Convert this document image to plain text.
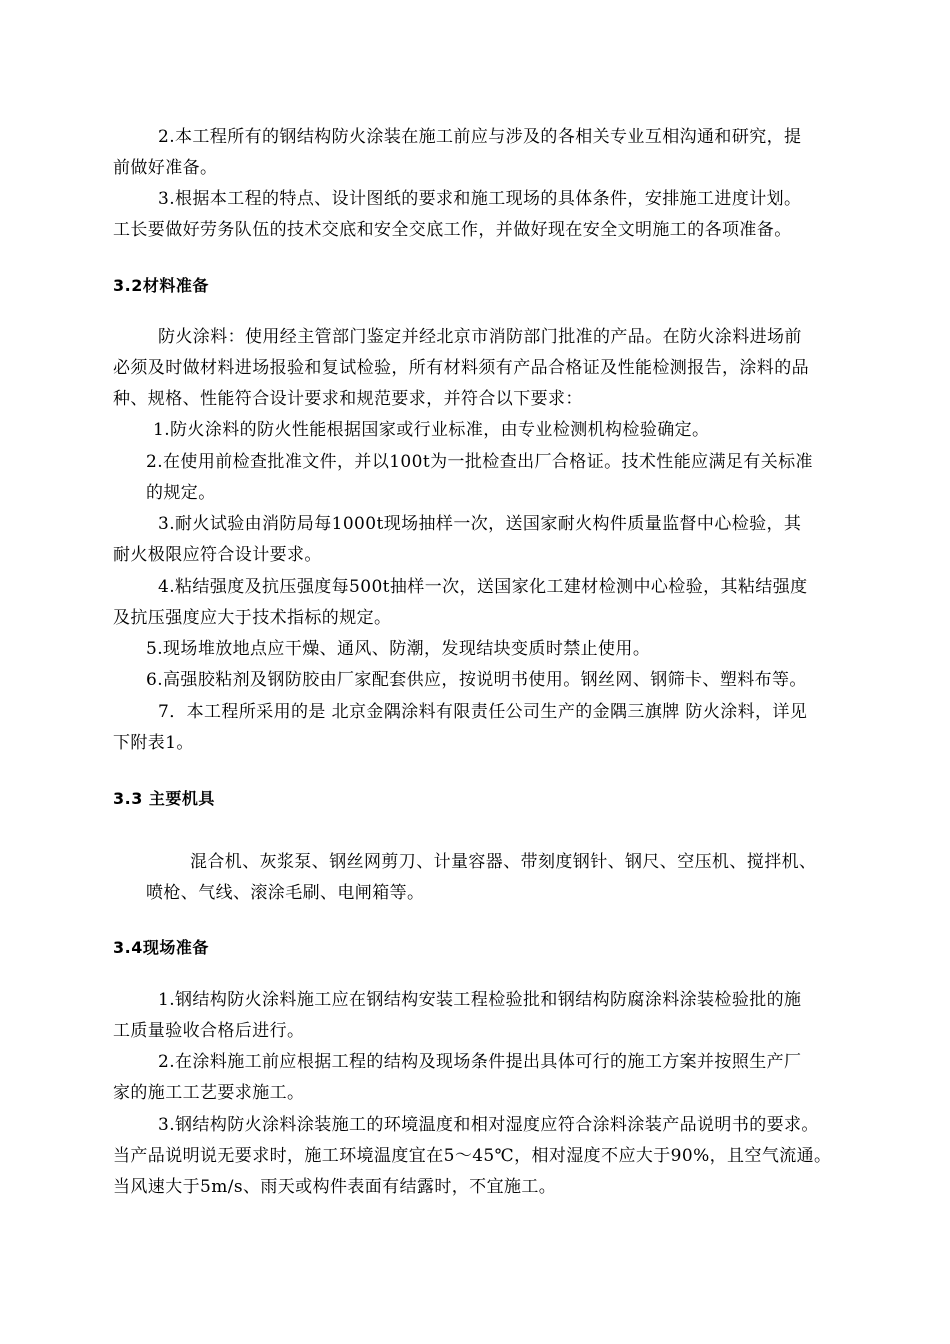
2.本工程所有的钢结构防火涂装在施工前应与涉及的各相关专业互相沟通和研究，提
前做好准备。
3.根据本工程的特点、设计图纸的要求和施工现场的具体条件，安排施工进度计划。
工长要做好劳务队伍的技术交底和安全交底工作，并做好现在安全文明施工的各项准备。
3.2材料准备
防火涂料：使用经主管部门鉴定并经北京市消防部门批准的产品。在防火涂料进场前
必须及时做材料进场报验和复试检验，所有材料须有产品合格证及性能检测报告，涂料的品
种、规格、性能符合设计要求和规范要求，并符合以下要求：
1.防火涂料的防火性能根据国家或行业标准，由专业检测机构检验确定。
2.在使用前检查批准文件，并以100t为一批检查出厂合格证。技术性能应满足有关标准
的规定。
3.耐火试验由消防局每1000t现场抽样一次，送国家耐火构件质量监督中心检验，其
耐火极限应符合设计要求。
4.粘结强度及抗压强度每500t抽样一次，送国家化工建材检测中心检验，其粘结强度
及抗压强度应大于技术指标的规定。
5.现场堆放地点应干燥、通风、防潮，发现结块变质时禁止使用。
6.高强胶粘剂及钢防胶由厂家配套供应，按说明书使用。钢丝网、钢筛卡、塑料布等。
7．本工程所采用的是 北京金隅涂料有限责任公司生产的金隅三旗牌 防火涂料，详见
下附表1。
3.3 主要机具
混合机、灰浆泵、钢丝网剪刀、计量容器、带刻度钢针、钢尺、空压机、搅拌机、
喷枪、气线、滚涂毛刷、电闸箱等。
3.4现场准备
1.钢结构防火涂料施工应在钢结构安装工程检验批和钢结构防腐涂料涂装检验批的施
工质量验收合格后进行。
2.在涂料施工前应根据工程的结构及现场条件提出具体可行的施工方案并按照生产厂
家的施工工艺要求施工。
3.钢结构防火涂料涂装施工的环境温度和相对湿度应符合涂料涂装产品说明书的要求。
当产品说明说无要求时，施工环境温度宜在5～45℃，相对湿度不应大于90%，且空气流通。
当风速大于5m/s、雨天或构件表面有结露时，不宜施工。
